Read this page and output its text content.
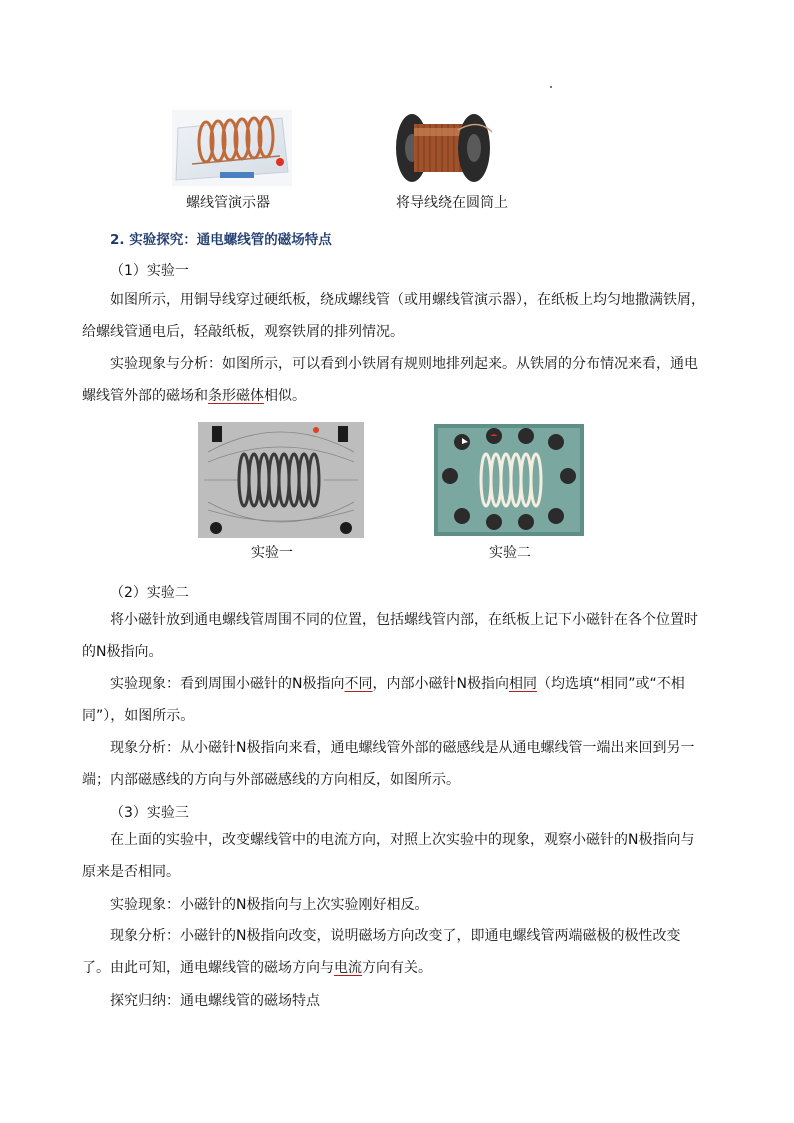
螺线管演示器	将导线绕在圆筒上
2. 实验探究：通电螺线管的磁场特点
（1）实验一

如图所示，用铜导线穿过硬纸板，绕成螺线管（或用螺线管演示器），在纸板上均匀地撒满铁屑，给螺线管通电后，轻敲纸板，观察铁屑的排列情况。

实验现象与分析：如图所示，可以看到小铁屑有规则地排列起来。从铁屑的分布情况来看，通电螺线管外部的磁场和条形磁体相似。

实验一	实验二
（2）实验二

将小磁针放到通电螺线管周围不同的位置，包括螺线管内部，在纸板上记下小磁针在各个位置时的N极指向。

实验现象：看到周围小磁针的N极指向不同，内部小磁针N极指向相同（均选填“相同”或“不相同”），如图所示。

现象分析：从小磁针N极指向来看，通电螺线管外部的磁感线是从通电螺线管一端出来回到另一端；内部磁感线的方向与外部磁感线的方向相反，如图所示。

（3）实验三

在上面的实验中，改变螺线管中的电流方向，对照上次实验中的现象，观察小磁针的N极指向与原来是否相同。

实验现象：小磁针的N极指向与上次实验刚好相反。

现象分析：小磁针的N极指向改变，说明磁场方向改变了，即通电螺线管两端磁极的极性改变了。由此可知，通电螺线管的磁场方向与电流方向有关。

探究归纳：通电螺线管的磁场特点
